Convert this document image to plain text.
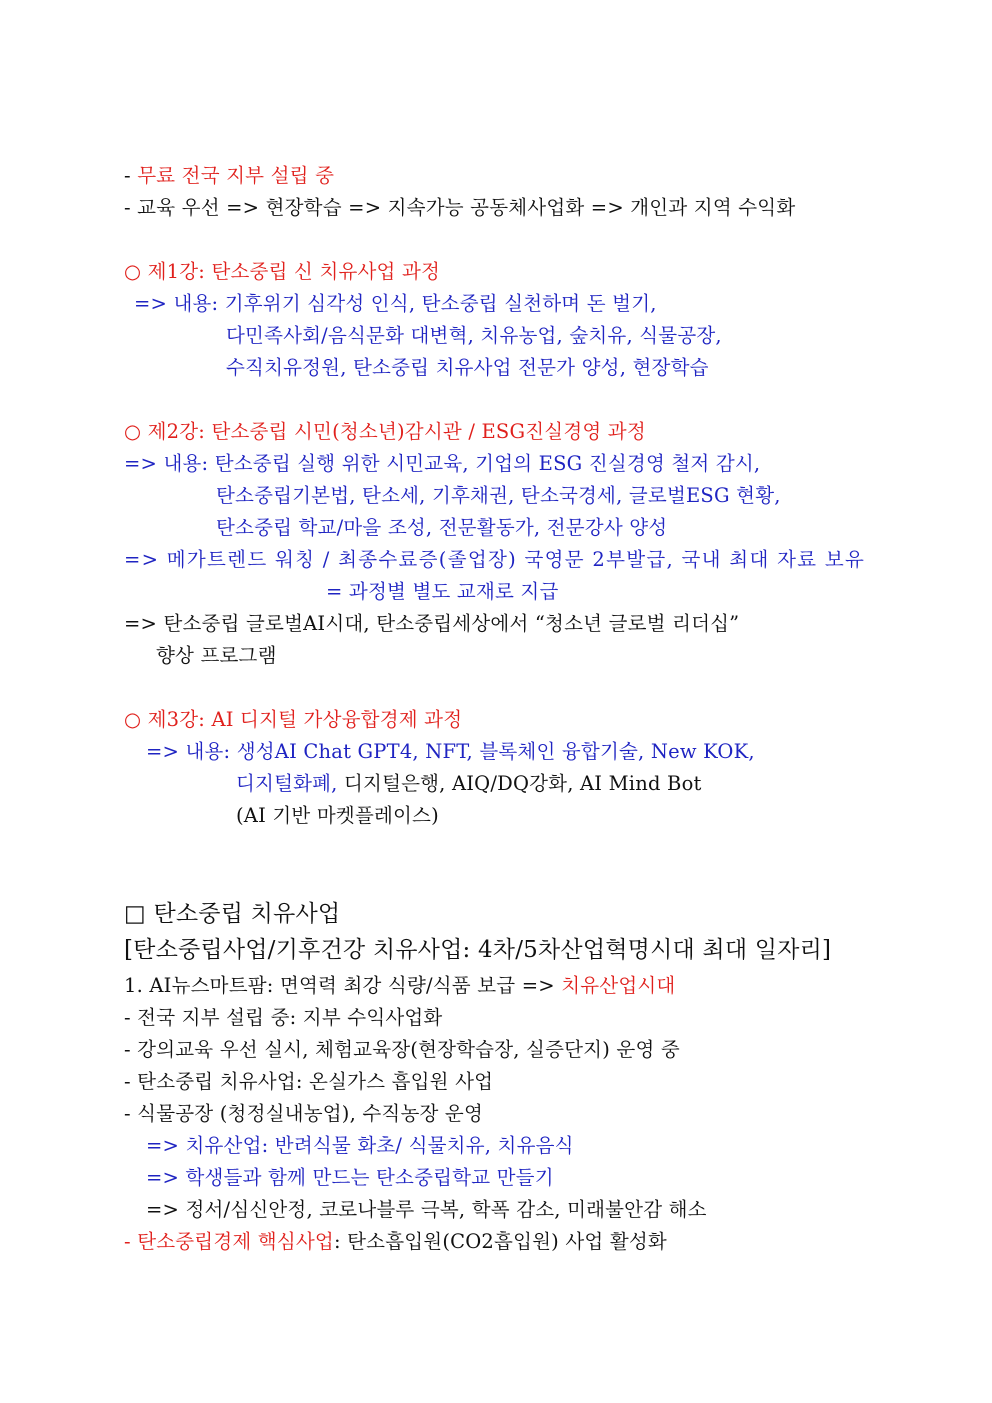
- 무료 전국 지부 설립 중
- 교육 우선 => 현장학습 => 지속가능 공동체사업화 => 개인과 지역 수익화
○ 제1강: 탄소중립 신 치유사업 과정
=> 내용: 기후위기 심각성 인식, 탄소중립 실천하며 돈 벌기,
다민족사회/음식문화 대변혁, 치유농업, 숲치유, 식물공장,
수직치유정원, 탄소중립 치유사업 전문가 양성, 현장학습
○ 제2강: 탄소중립 시민(청소년)감시관 / ESG진실경영 과정
=> 내용: 탄소중립 실행 위한 시민교육, 기업의 ESG 진실경영 철저 감시,
탄소중립기본법, 탄소세, 기후채권, 탄소국경세, 글로벌ESG 현황,
탄소중립 학교/마을 조성, 전문활동가, 전문강사 양성
=> 메가트렌드 워칭 / 최종수료증(졸업장) 국영문 2부발급, 국내 최대 자료 보유
= 과정별 별도 교재로 지급
=> 탄소중립 글로벌AI시대, 탄소중립세상에서 “청소년 글로벌 리더십”
향상 프로그램
○ 제3강: AI 디지털 가상융합경제 과정
=> 내용: 생성AI Chat GPT4, NFT, 블록체인 융합기술, New KOK,
디지털화폐, 디지털은행, AIQ/DQ강화, AI Mind Bot
(AI 기반 마켓플레이스)
□ 탄소중립 치유사업
[탄소중립사업/기후건강 치유사업: 4차/5차산업혁명시대 최대 일자리]
1. AI뉴스마트팜: 면역력 최강 식량/식품 보급 => 치유산업시대
- 전국 지부 설립 중: 지부 수익사업화
- 강의교육 우선 실시, 체험교육장(현장학습장, 실증단지) 운영 중
- 탄소중립 치유사업: 온실가스 흡입원 사업
- 식물공장 (청정실내농업), 수직농장 운영
=> 치유산업: 반려식물 화초/ 식물치유, 치유음식
=> 학생들과 함께 만드는 탄소중립학교 만들기
=> 정서/심신안정, 코로나블루 극복, 학폭 감소, 미래불안감 해소
- 탄소중립경제 핵심사업: 탄소흡입원(CO2흡입원) 사업 활성화
